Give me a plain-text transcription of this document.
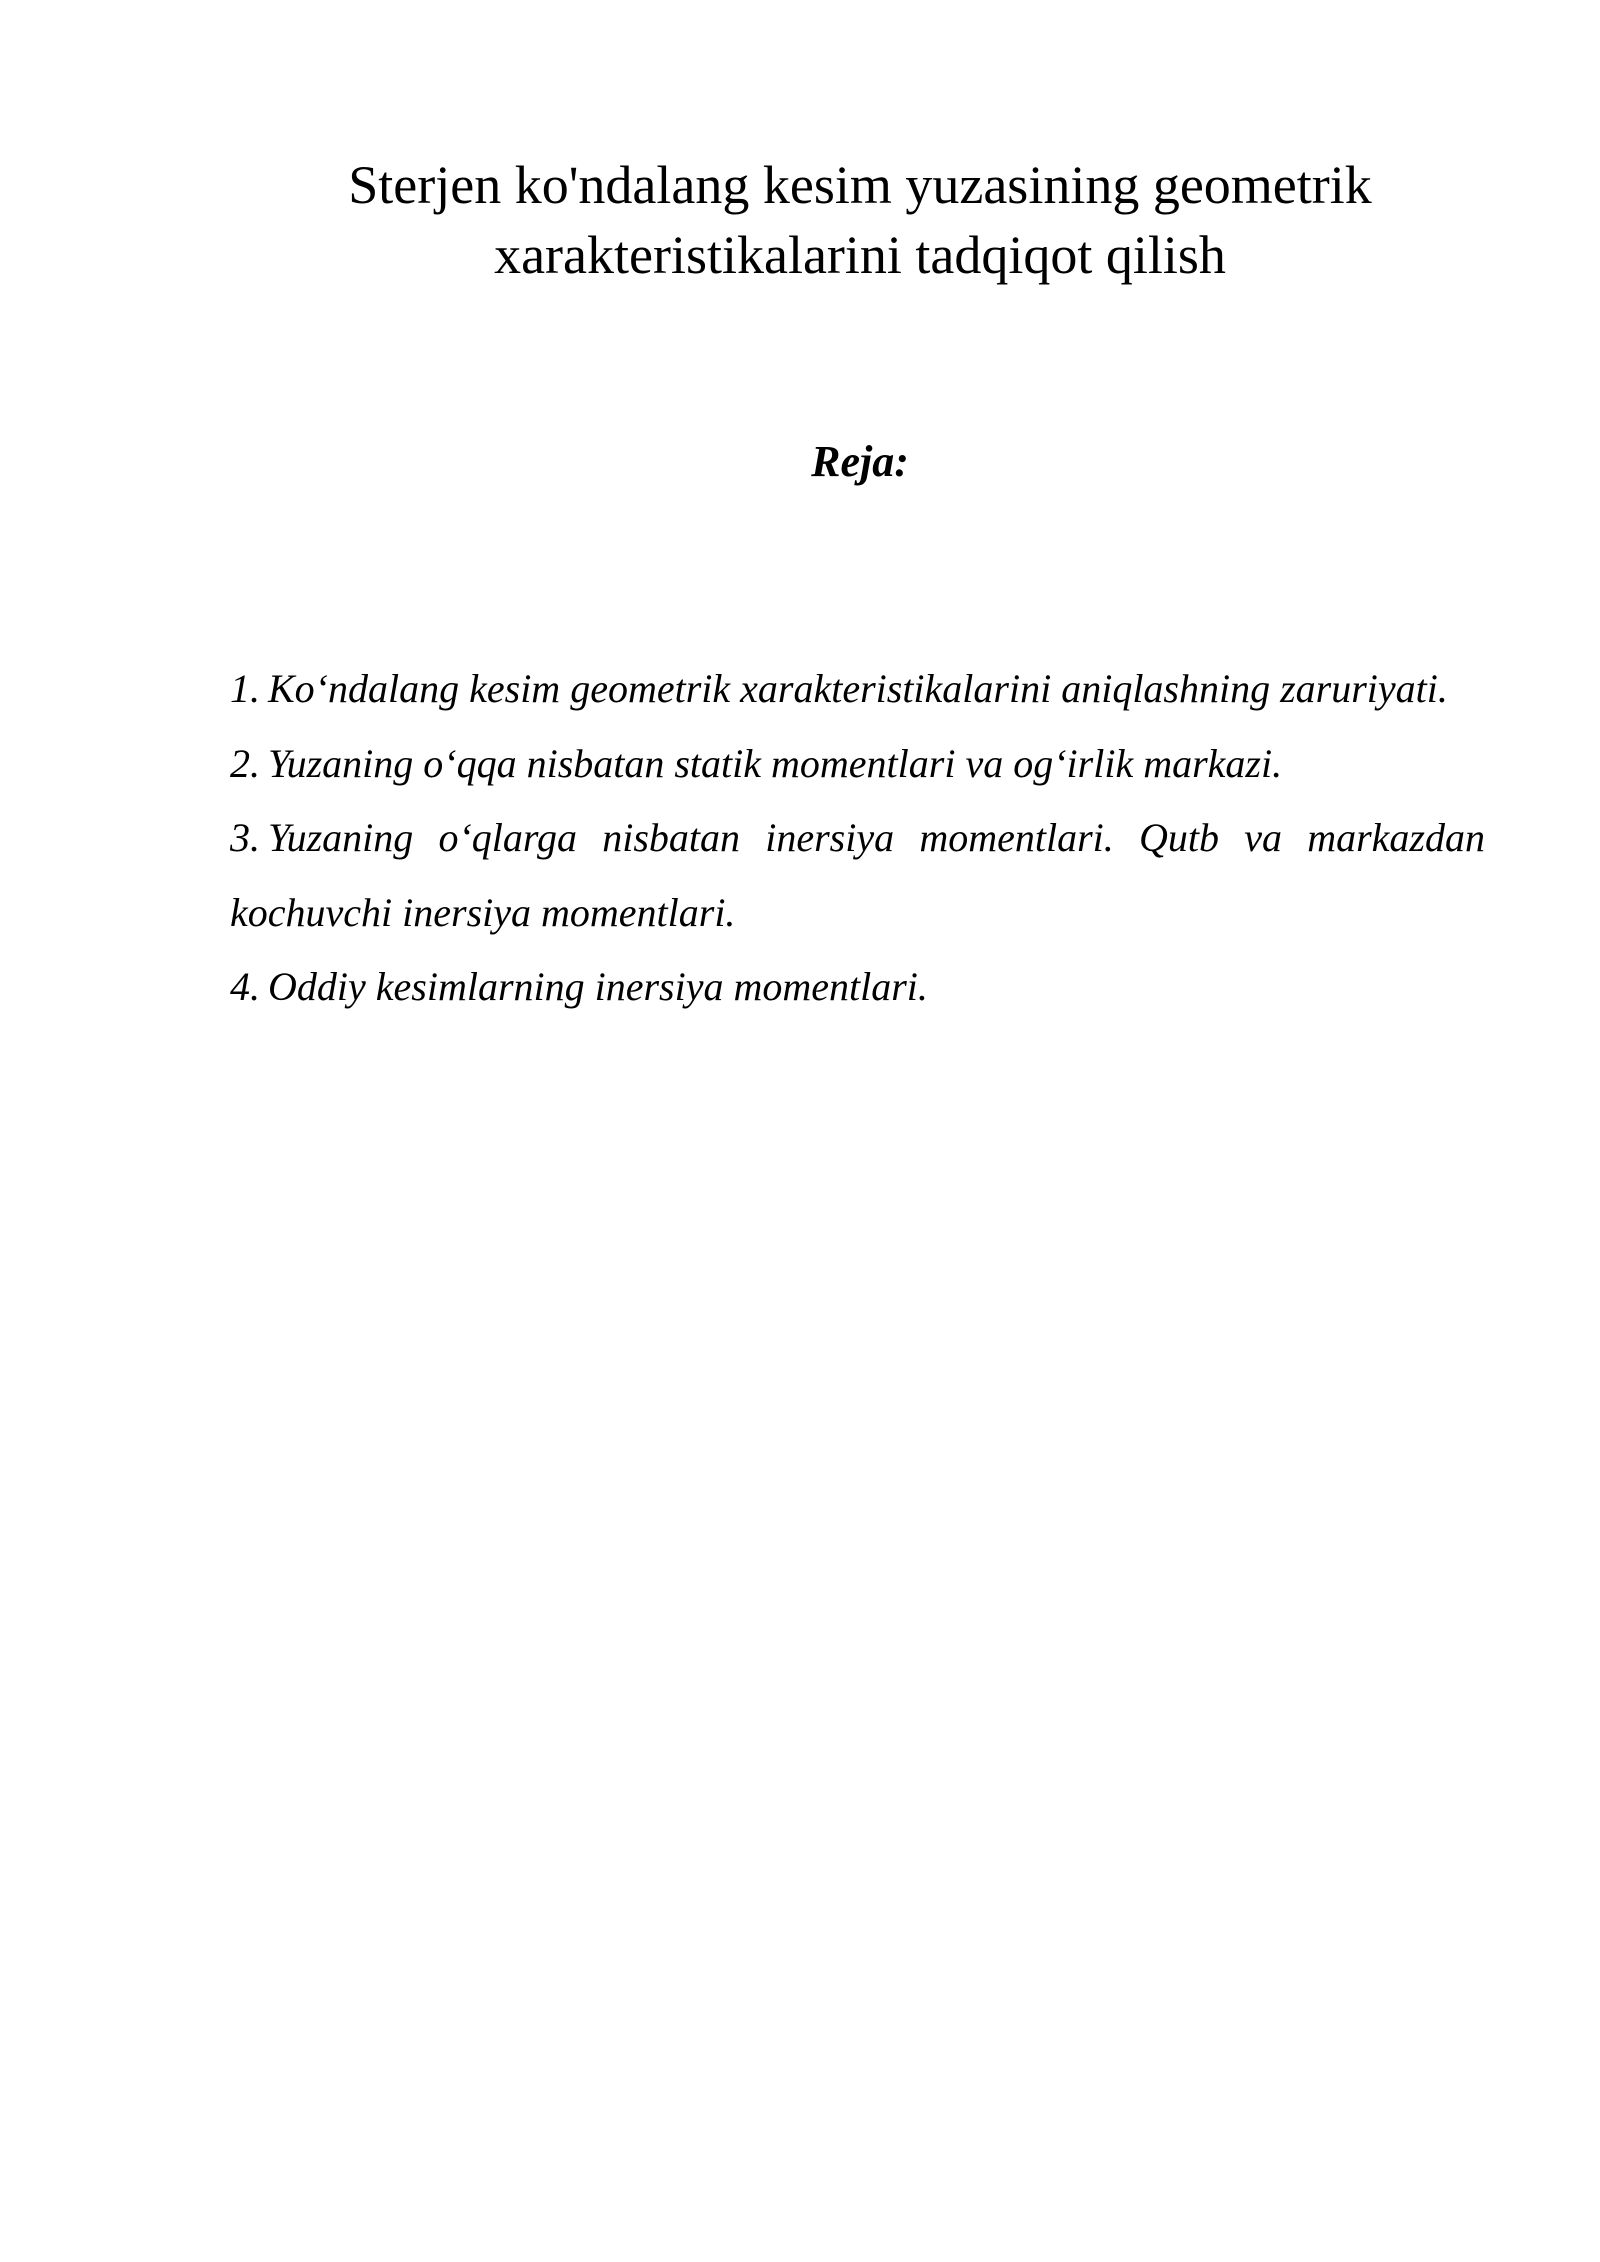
Sterjen ko'ndalang kesim yuzasining geometrik
xarakteristikalarini tadqiqot qilish
Reja:
1. Ko‘ndalang kesim geometrik xarakteristikalarini aniqlashning zaruriyati.
2. Yuzaning o‘qqa nisbatan statik momentlari va og‘irlik markazi.
3. Yuzaning o‘qlarga nisbatan inersiya momentlari. Qutb va markazdan kochuvchi inersiya momentlari.
4. Oddiy kesimlarning inersiya momentlari.
